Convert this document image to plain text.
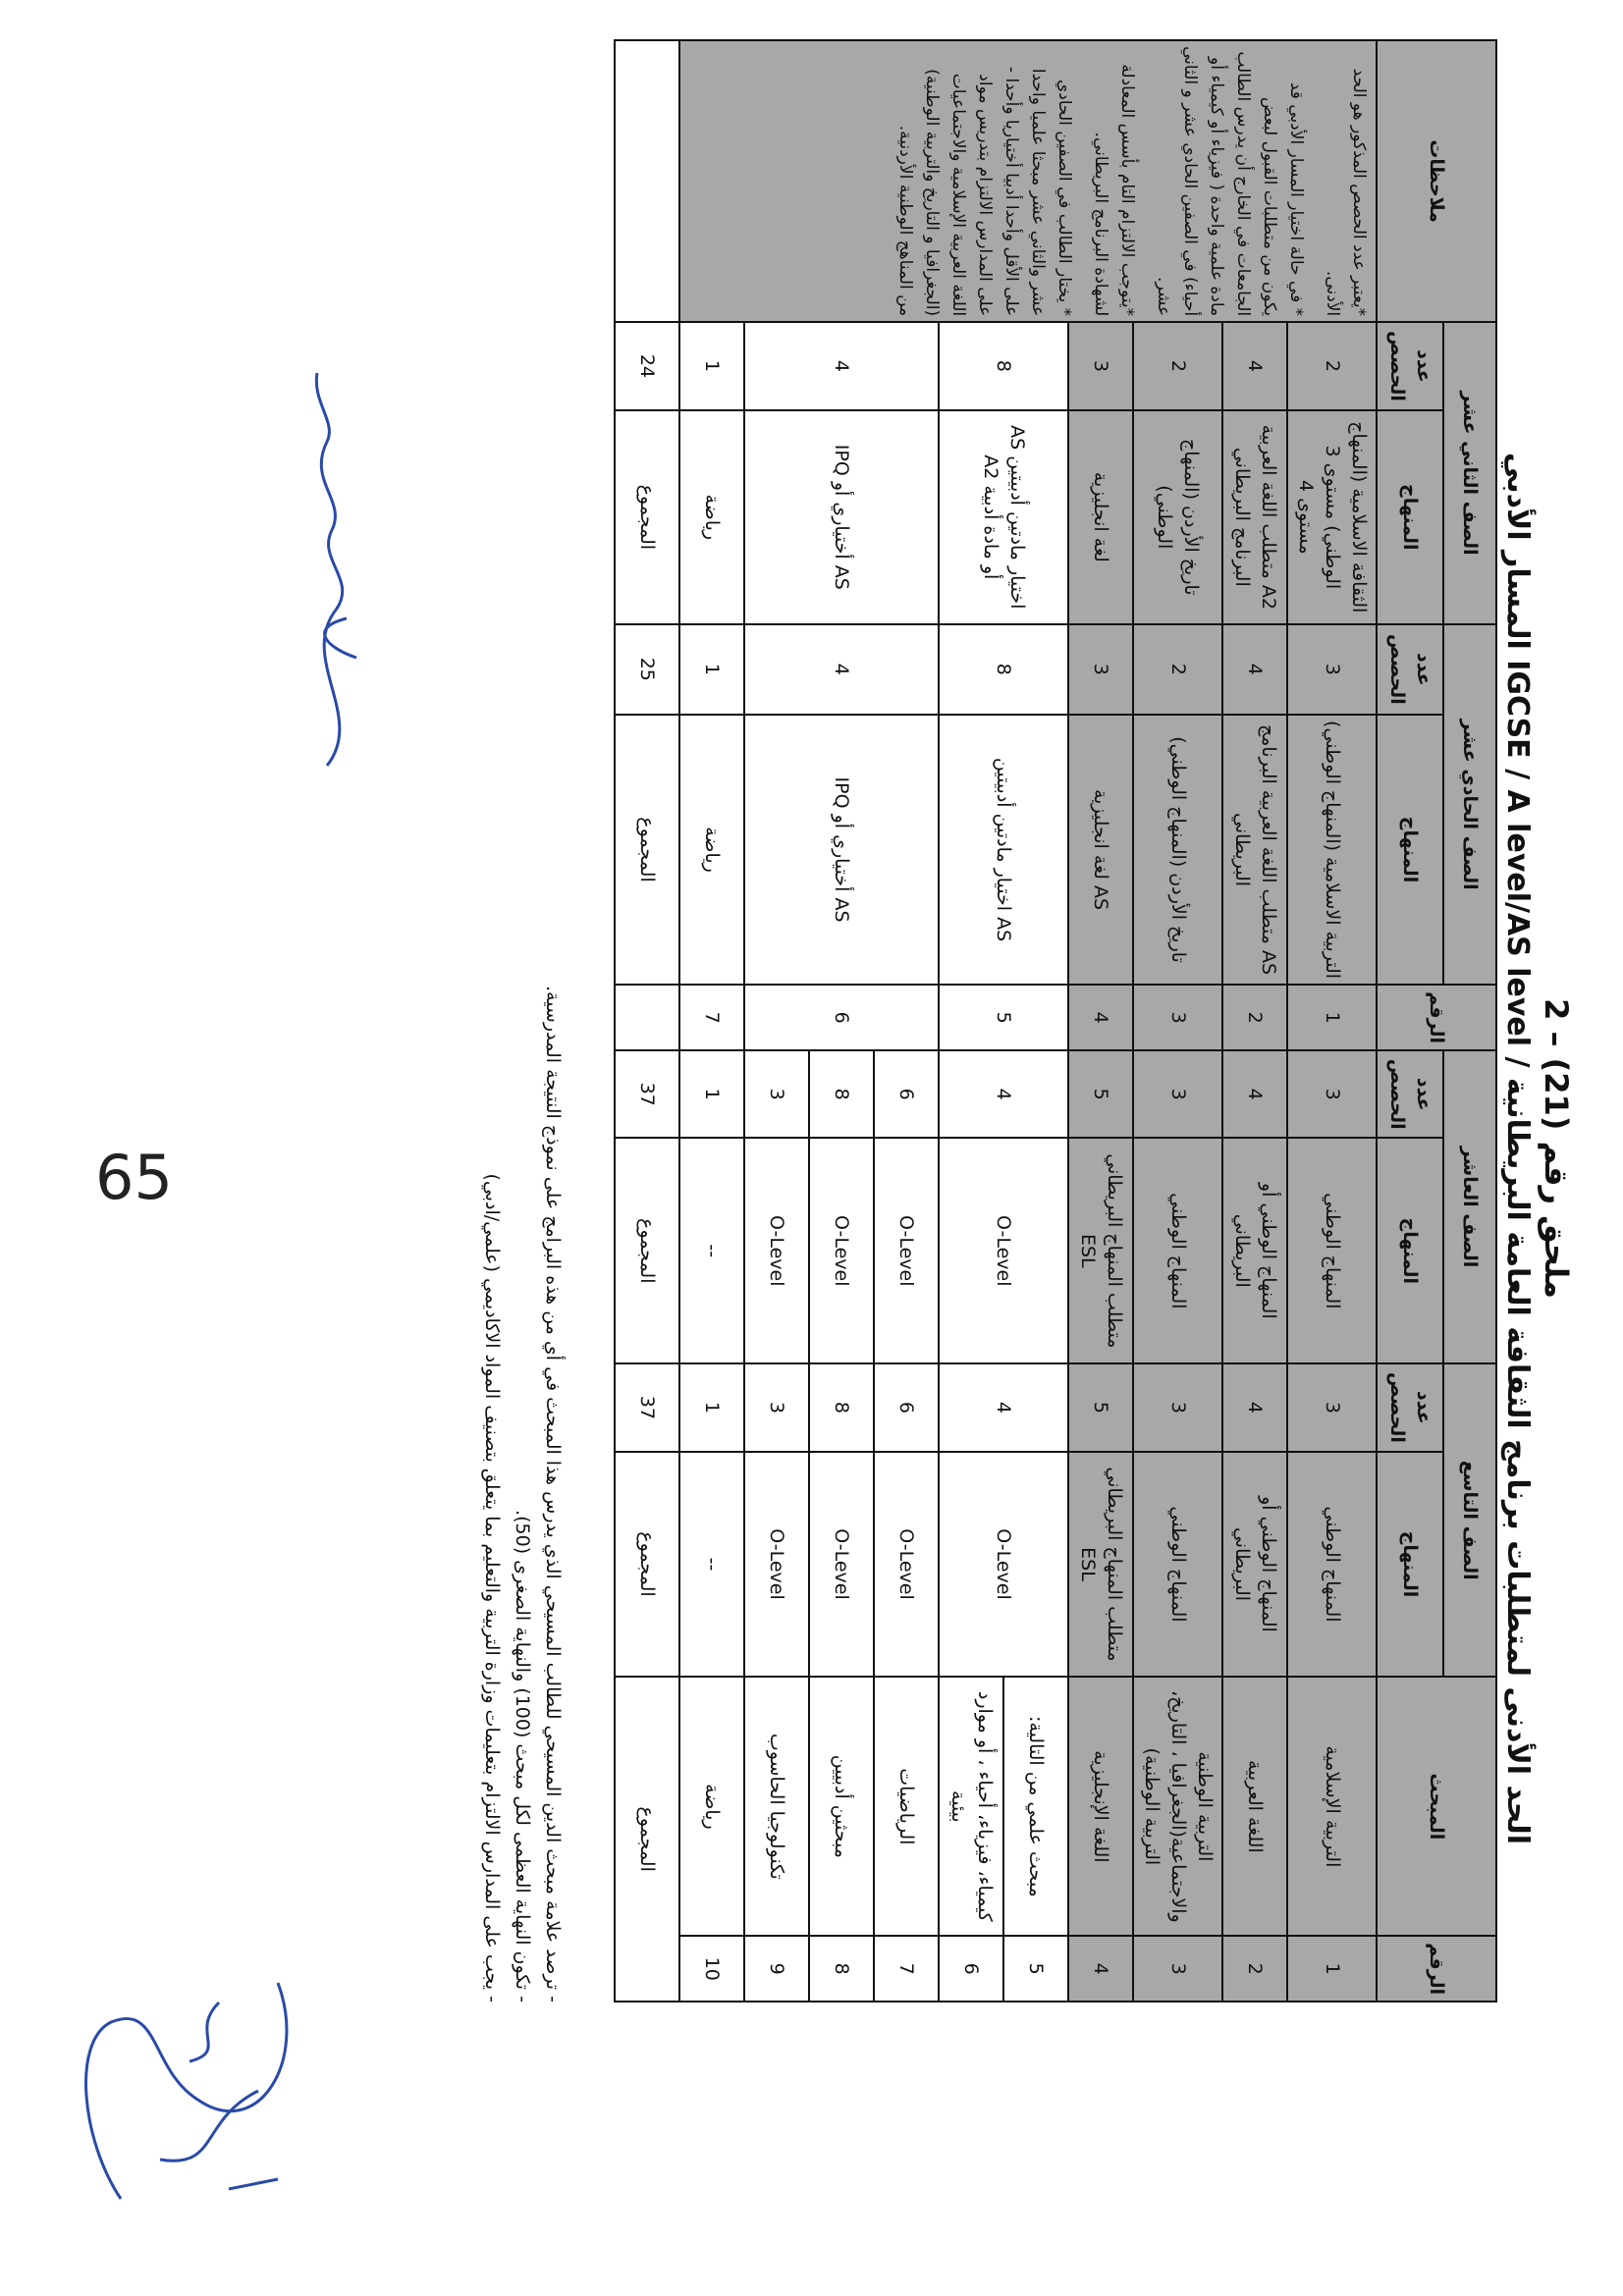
ملحق رقم (21) – 2
الحد الأدنى لمتطلبات برنامج الثقافة العامة البريطانية / IGCSE / A level/AS level المسار الأدبي
الرقم	المبحث	الصف التاسع		الصف العاشر		الرقم	الصف الحادي عشر		الصف الثاني عشر		ملاحظات
		المنهاج	عدد الحصص	المنهاج	عدد الحصص		المنهاج	عدد الحصص	المنهاج	عدد الحصص	
1	التربية الإسلامية	المنهاج الوطني	3	المنهاج الوطني	3	1	التربية الاسلامية (المنهاج الوطني)	3	الثقافة الاسلامية (المنهاج الوطني) مستوى 3 مستوى 4	2	*يعتبر عدد الحصص المذكور هو الحد الأدنى.

* في حالة اختيار المسار الأدبي قد يكون من متطلبات القبول لبعض الجامعات في الخارج أن يدرس الطالب مادة علمية واحدة ( فيزياء أو كيمياء أو أحياء) في الصفين الحادي عشر و الثاني عشر.

*يتوجب الالتزام التام بأسس المعادلة لشهادة البرنامج البريطاني.

* يختار الطالب في الصفين الحادي عشر والثاني عشر مبحثا علميا واحدا على الأقل وأحدا أدبيا أختياريا وأحدا - على المدارس الالتزام بتدريس مواد اللغة العربية الإسلامية والاجتماعيات (الجغرافيا و التاريخ والتربية الوطنية) من المناهج الوطنية الأردنية.

2	اللغة العربية	المنهاج الوطني أو البريطاني	4	المنهاج الوطني أو البريطاني	4	2	AS متطلب اللغة العربية البرنامج البريطاني	4	A2 متطلب اللغة العربية البرنامج البريطاني	4	
3	التربية الوطنية والاجتماعية(الجغرافيا ، التاريخ، التربية الوطنية)	المنهاج الوطني	3	المنهاج الوطني	3	3	تاريخ الأردن (المنهاج الوطني)	2	تاريخ الأردن (المنهاج الوطني)	2	
4	اللغة الإنجليزية	متطلب المنهاج البريطاني ESL	5	متطلب المنهاج البريطاني ESL	5	4	AS لغة انجليزية	3	لغة انجليزية	3	
5	مبحث علمي من التالية:	O-Level	4	O-Level	4	5	AS اختيار مادتين أدبيتين	8	اختيار مادتين أدبيتين AS أو مادة أدبية A2	8	
6	كيمياء، فيزياء، أحياء ، أو موارد بيئية										
7	الرياضيات	O-Level	6	O-Level	6	6	AS أختياري أو IPQ	4	AS أختياري أو IPQ	4	
8	مبحثين أدبيين	O-Level	8	O-Level	8						
9	تكنولوجيا الحاسوب	O-Level	3	O-Level	3						
10	رياضة	--	1	--	1	7	رياضة	1	رياضة	1	
المجموع		المجموع	37	المجموع	37		المجموع	25	المجموع	24	
- ترصد علامة مبحث الدين المسيحي للطالب المسيحي الذي يدرس هذا المبحث في أي من هذه البرامج على نموذج النتيجة المدرسية.
- تكون النهاية العظمى لكل مبحث (100) والنهاية الصغرى (50).
- يجب على المدارس الالتزام بتعليمات وزارة التربية والتعليم بما يتعلق بتصنيف المواد الاكاديمي (علمي/ادبي)
65
